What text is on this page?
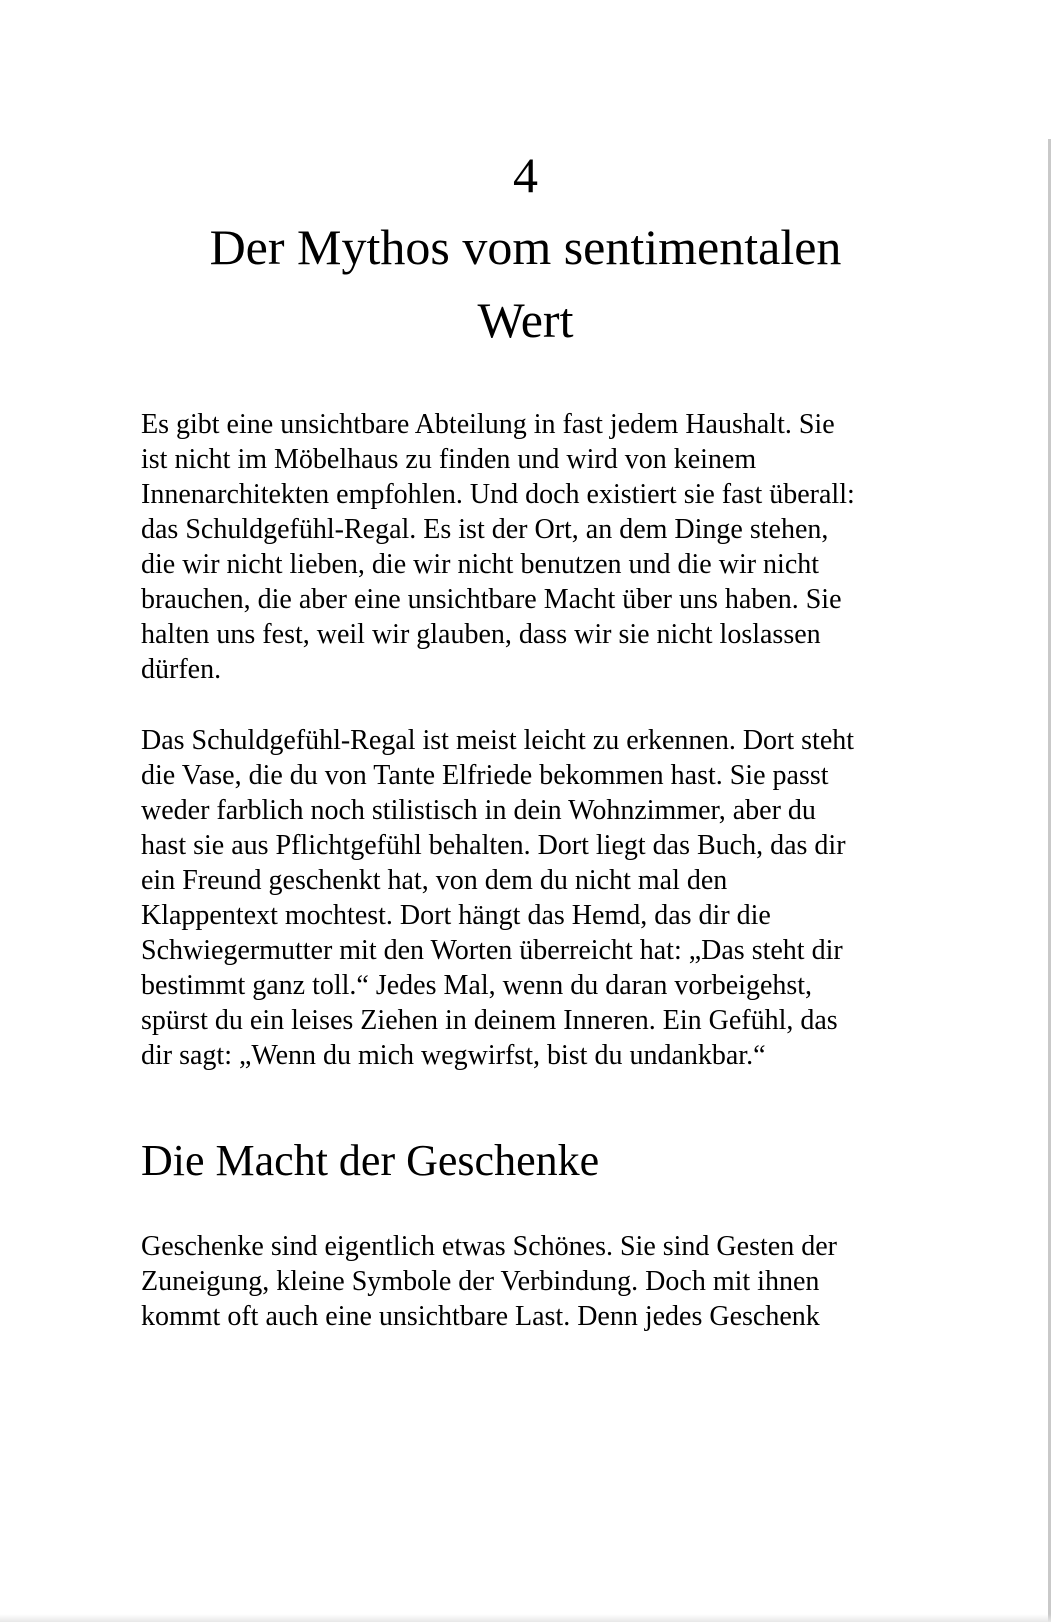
4
Der Mythos vom sentimentalen
Wert
Es gibt eine unsichtbare Abteilung in fast jedem Haushalt. Sie
ist nicht im Möbelhaus zu finden und wird von keinem
Innenarchitekten empfohlen. Und doch existiert sie fast überall:
das Schuldgefühl-Regal. Es ist der Ort, an dem Dinge stehen,
die wir nicht lieben, die wir nicht benutzen und die wir nicht
brauchen, die aber eine unsichtbare Macht über uns haben. Sie
halten uns fest, weil wir glauben, dass wir sie nicht loslassen
dürfen.
Das Schuldgefühl-Regal ist meist leicht zu erkennen. Dort steht
die Vase, die du von Tante Elfriede bekommen hast. Sie passt
weder farblich noch stilistisch in dein Wohnzimmer, aber du
hast sie aus Pflichtgefühl behalten. Dort liegt das Buch, das dir
ein Freund geschenkt hat, von dem du nicht mal den
Klappentext mochtest. Dort hängt das Hemd, das dir die
Schwiegermutter mit den Worten überreicht hat: „Das steht dir
bestimmt ganz toll.“ Jedes Mal, wenn du daran vorbeigehst,
spürst du ein leises Ziehen in deinem Inneren. Ein Gefühl, das
dir sagt: „Wenn du mich wegwirfst, bist du undankbar.“
Die Macht der Geschenke
Geschenke sind eigentlich etwas Schönes. Sie sind Gesten der
Zuneigung, kleine Symbole der Verbindung. Doch mit ihnen
kommt oft auch eine unsichtbare Last. Denn jedes Geschenk
